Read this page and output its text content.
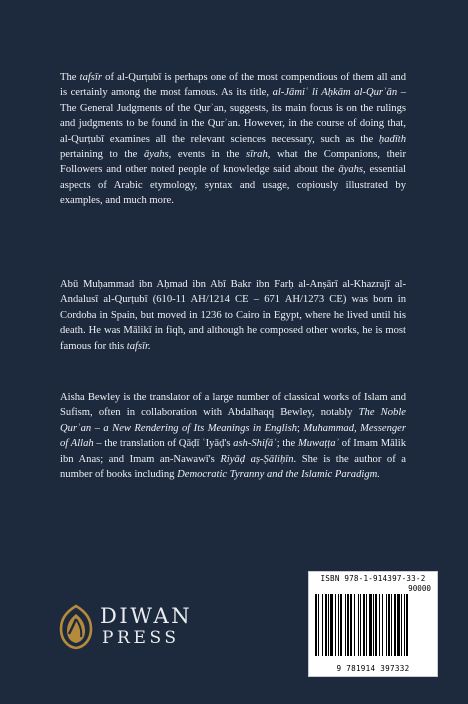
The tafsīr of al-Qurṭubī is perhaps one of the most compendious of them all and is certainly among the most famous. As its title, al-Jāmiʿ li Aḥkām al-Qurʾān – The General Judgments of the Qurʾan, suggests, its main focus is on the rulings and judgments to be found in the Qurʾan. However, in the course of doing that, al-Qurṭubī examines all the relevant sciences necessary, such as the ḥadīth pertaining to the āyahs, events in the sīrah, what the Companions, their Followers and other noted people of knowledge said about the āyahs, essential aspects of Arabic etymology, syntax and usage, copiously illustrated by examples, and much more.

Abū Muḥammad ibn Aḥmad ibn Abī Bakr ibn Farḥ al-Anṣārī al-Khazrajī al-Andalusī al-Qurṭubī (610-11 AH/1214 CE – 671 AH/1273 CE) was born in Cordoba in Spain, but moved in 1236 to Cairo in Egypt, where he lived until his death. He was Mālikī in fiqh, and although he composed other works, he is most famous for this tafsīr.

Aisha Bewley is the translator of a large number of classical works of Islam and Sufism, often in collaboration with Abdalhaqq Bewley, notably The Noble Qurʾan – a New Rendering of Its Meanings in English; Muhammad, Messenger of Allah – the translation of Qāḍī ʿIyāḍ's ash-Shifāʾ; the Muwaṭṭaʾ of Imam Mālik ibn Anas; and Imam an-Nawawī's Riyāḍ aṣ-Ṣāliḥīn. She is the author of a number of books including Democratic Tyranny and the Islamic Paradigm.

DIWAN
PRESS
ISBN 978-1-914397-33-2
90000
9 781914 397332
